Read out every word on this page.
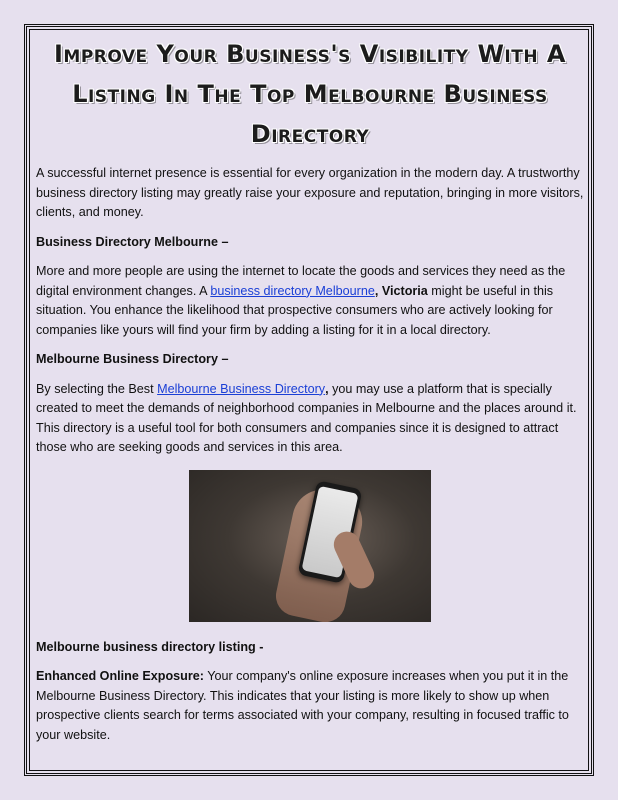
Improve Your Business's Visibility With A Listing In The Top Melbourne Business Directory

A successful internet presence is essential for every organization in the modern day. A trustworthy business directory listing may greatly raise your exposure and reputation, bringing in more visitors, clients, and money.

Business Directory Melbourne –

More and more people are using the internet to locate the goods and services they need as the digital environment changes. A business directory Melbourne, Victoria might be useful in this situation. You enhance the likelihood that prospective consumers who are actively looking for companies like yours will find your firm by adding a listing for it in a local directory.

Melbourne Business Directory –

By selecting the Best Melbourne Business Directory, you may use a platform that is specially created to meet the demands of neighborhood companies in Melbourne and the places around it. This directory is a useful tool for both consumers and companies since it is designed to attract those who are seeking goods and services in this area.

Melbourne business directory listing -

Enhanced Online Exposure: Your company's online exposure increases when you put it in the Melbourne Business Directory. This indicates that your listing is more likely to show up when prospective clients search for terms associated with your company, resulting in focused traffic to your website.
